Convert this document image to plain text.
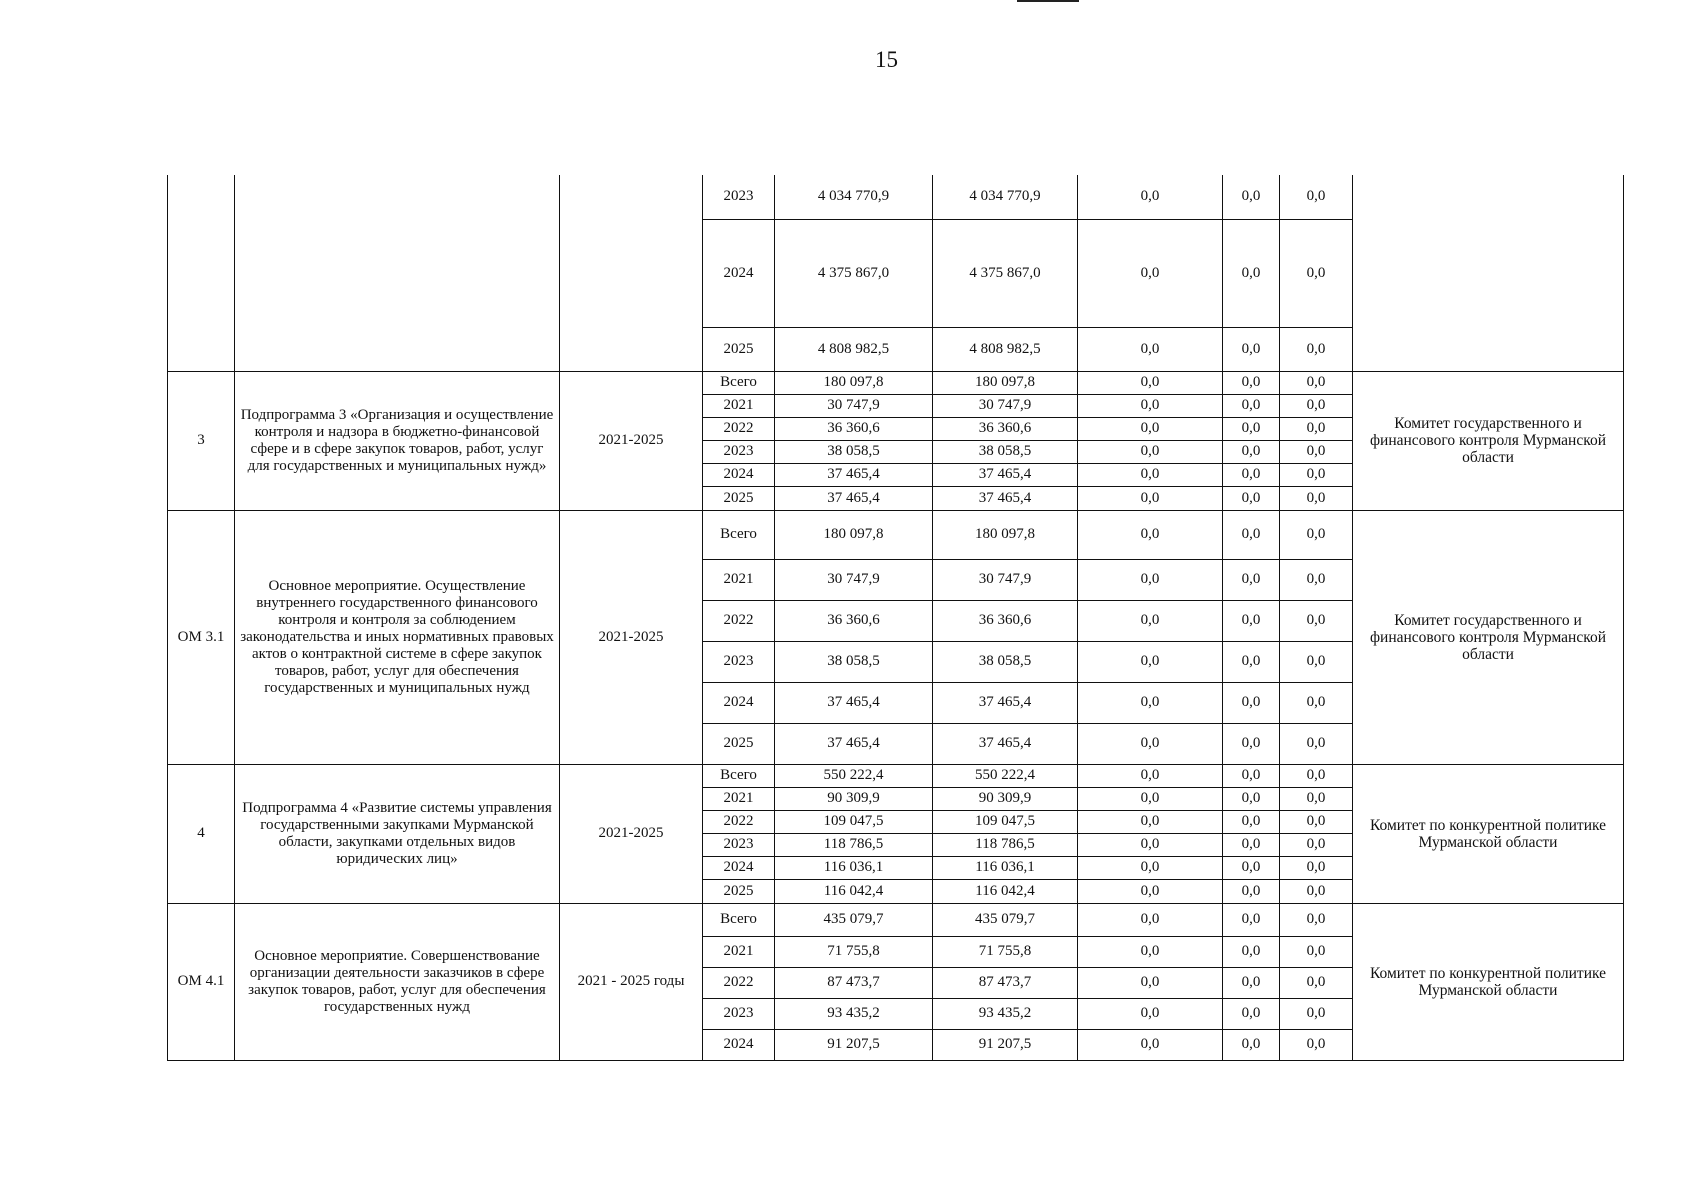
15
			2023	4 034 770,9	4 034 770,9	0,0	0,0	0,0	
			2024	4 375 867,0	4 375 867,0	0,0	0,0	0,0	
			2025	4 808 982,5	4 808 982,5	0,0	0,0	0,0	
3	Подпрограмма 3 «Организация и осуществление контроля и надзора в бюджетно-финансовой сфере и в сфере закупок товаров, работ, услуг для государственных и муниципальных нужд»	2021-2025	Всего	180 097,8	180 097,8	0,0	0,0	0,0	Комитет государственного и финансового контроля Мурманской области
			2021	30 747,9	30 747,9	0,0	0,0	0,0	
			2022	36 360,6	36 360,6	0,0	0,0	0,0	
			2023	38 058,5	38 058,5	0,0	0,0	0,0	
			2024	37 465,4	37 465,4	0,0	0,0	0,0	
			2025	37 465,4	37 465,4	0,0	0,0	0,0	
ОМ 3.1	Основное мероприятие. Осуществление внутреннего государственного финансового контроля и контроля за соблюдением законодательства и иных нормативных правовых актов о контрактной системе в сфере закупок товаров, работ, услуг для обеспечения государственных и муниципальных нужд	2021-2025	Всего	180 097,8	180 097,8	0,0	0,0	0,0	Комитет государственного и финансового контроля Мурманской области
			2021	30 747,9	30 747,9	0,0	0,0	0,0	
			2022	36 360,6	36 360,6	0,0	0,0	0,0	
			2023	38 058,5	38 058,5	0,0	0,0	0,0	
			2024	37 465,4	37 465,4	0,0	0,0	0,0	
			2025	37 465,4	37 465,4	0,0	0,0	0,0	
4	Подпрограмма 4 «Развитие системы управления государственными закупками Мурманской области, закупками отдельных видов юридических лиц»	2021-2025	Всего	550 222,4	550 222,4	0,0	0,0	0,0	Комитет по конкурентной политике Мурманской области
			2021	90 309,9	90 309,9	0,0	0,0	0,0	
			2022	109 047,5	109 047,5	0,0	0,0	0,0	
			2023	118 786,5	118 786,5	0,0	0,0	0,0	
			2024	116 036,1	116 036,1	0,0	0,0	0,0	
			2025	116 042,4	116 042,4	0,0	0,0	0,0	
ОМ 4.1	Основное мероприятие. Совершенствование организации деятельности заказчиков в сфере закупок товаров, работ, услуг для обеспечения государственных нужд	2021 - 2025 годы	Всего	435 079,7	435 079,7	0,0	0,0	0,0	Комитет по конкурентной политике Мурманской области
			2021	71 755,8	71 755,8	0,0	0,0	0,0	
			2022	87 473,7	87 473,7	0,0	0,0	0,0	
			2023	93 435,2	93 435,2	0,0	0,0	0,0	
			2024	91 207,5	91 207,5	0,0	0,0	0,0	
